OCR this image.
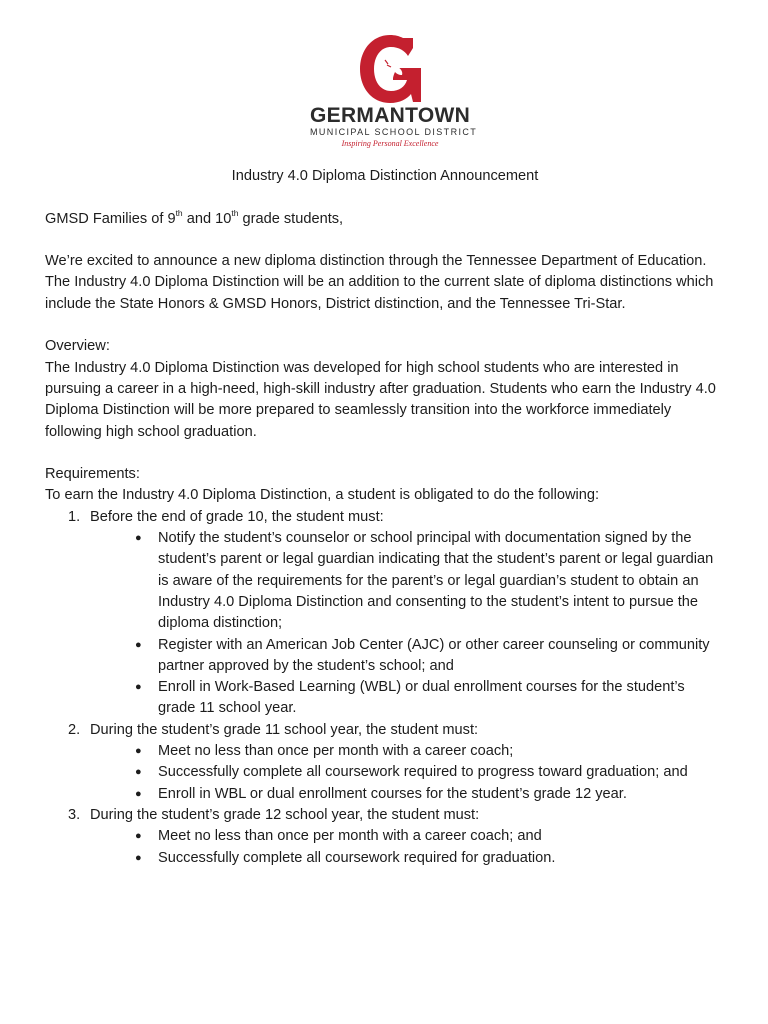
GERMANTOWN
MUNICIPAL SCHOOL DISTRICT
Inspiring Personal Excellence

Industry 4.0 Diploma Distinction Announcement

GMSD Families of 9th and 10th grade students,

We’re excited to announce a new diploma distinction through the Tennessee Department of Education. The Industry 4.0 Diploma Distinction will be an addition to the current slate of diploma distinctions which include the State Honors & GMSD Honors, District distinction, and the Tennessee Tri-Star.

Overview:

The Industry 4.0 Diploma Distinction was developed for high school students who are interested in pursuing a career in a high-need, high-skill industry after graduation. Students who earn the Industry 4.0 Diploma Distinction will be more prepared to seamlessly transition into the workforce immediately following high school graduation.

Requirements:

To earn the Industry 4.0 Diploma Distinction, a student is obligated to do the following:

1. Before the end of grade 10, the student must:
● Notify the student’s counselor or school principal with documentation signed by the student’s parent or legal guardian indicating that the student’s parent or legal guardian is aware of the requirements for the parent’s or legal guardian’s student to obtain an Industry 4.0 Diploma Distinction and consenting to the student’s intent to pursue the diploma distinction;
● Register with an American Job Center (AJC) or other career counseling or community partner approved by the student’s school; and
● Enroll in Work-Based Learning (WBL) or dual enrollment courses for the student’s grade 11 school year.
2. During the student’s grade 11 school year, the student must:
● Meet no less than once per month with a career coach;
● Successfully complete all coursework required to progress toward graduation; and
● Enroll in WBL or dual enrollment courses for the student’s grade 12 year.
3. During the student’s grade 12 school year, the student must:
● Meet no less than once per month with a career coach; and
● Successfully complete all coursework required for graduation.
